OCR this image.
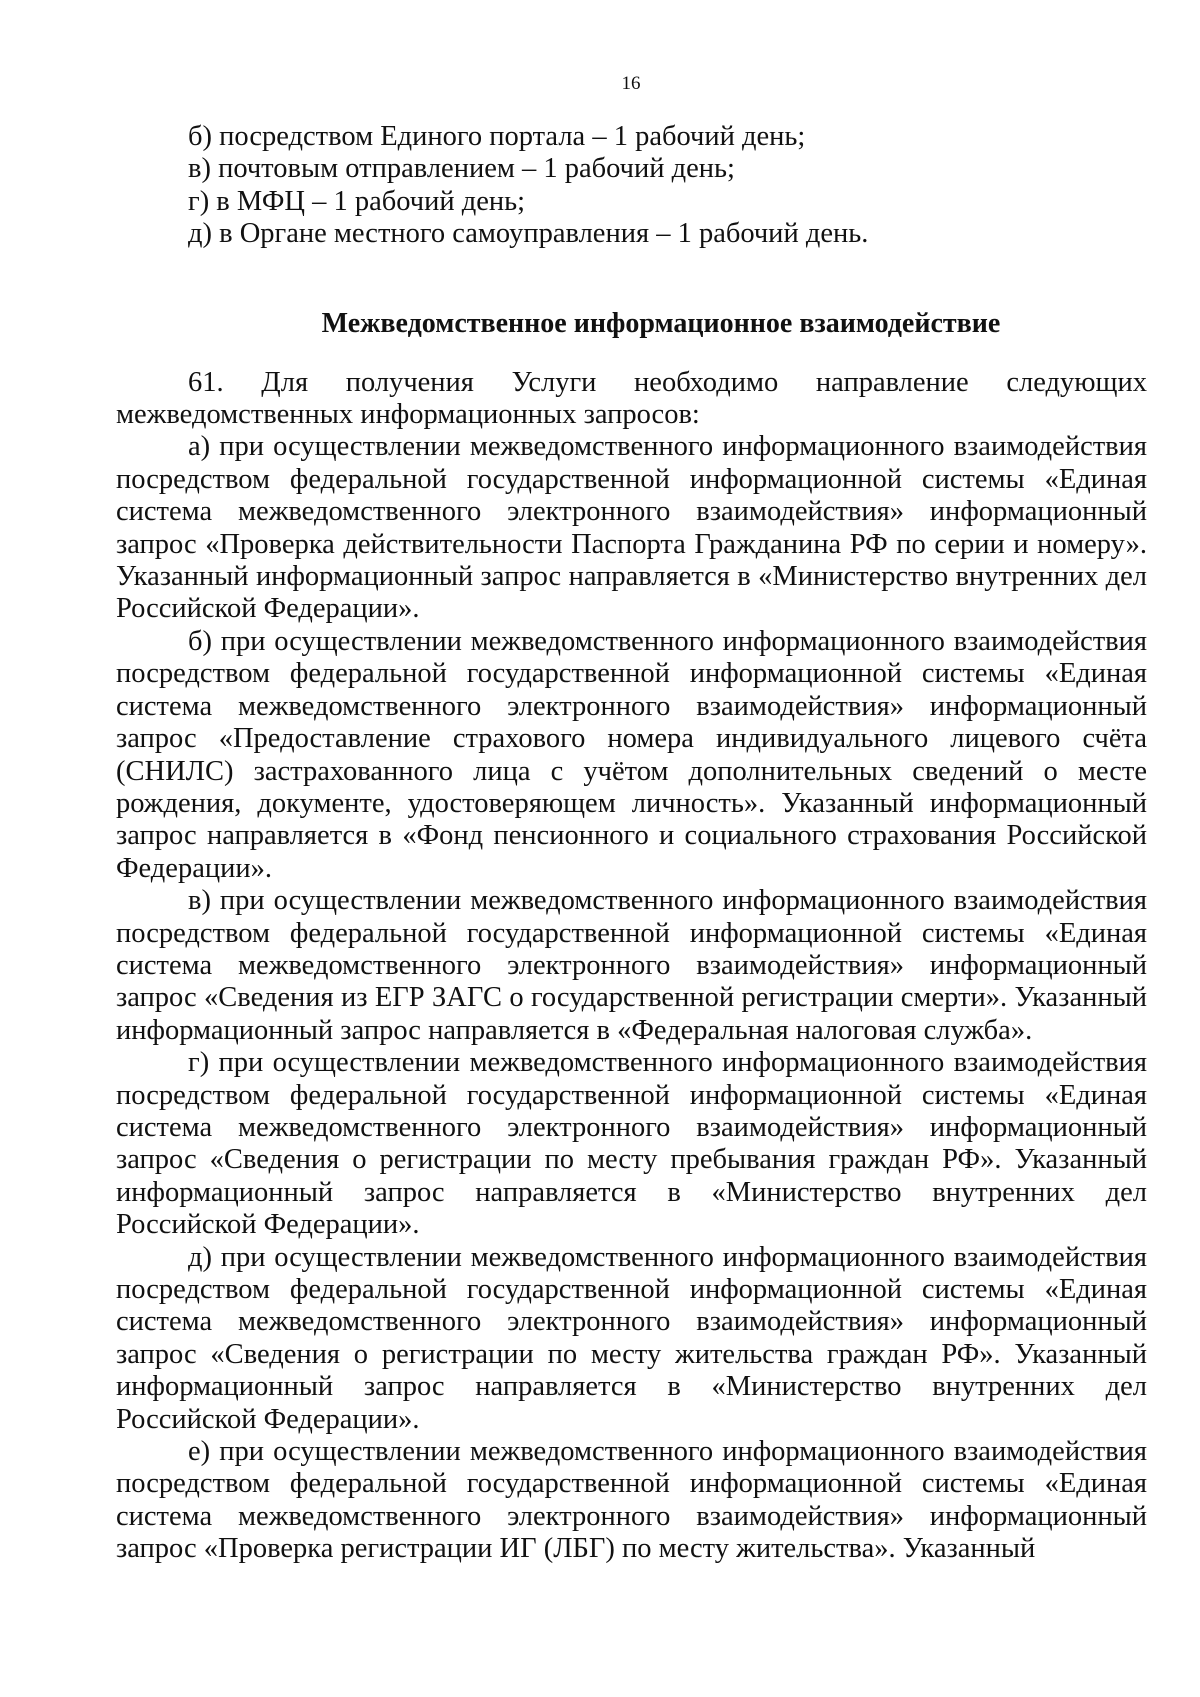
16

б) посредством Единого портала – 1 рабочий день;

в) почтовым отправлением – 1 рабочий день;

г) в МФЦ – 1 рабочий день;

д) в Органе местного самоуправления – 1 рабочий день.

Межведомственное информационное взаимодействие

61. Для получения Услуги необходимо направление следующих
межведомственных информационных запросов:

а) при осуществлении межведомственного информационного взаимодействия посредством федеральной государственной информационной системы «Единая система межведомственного электронного взаимодействия» информационный запрос «Проверка действительности Паспорта Гражданина РФ по серии и номеру». Указанный информационный запрос направляется в «Министерство внутренних дел Российской Федерации».

б) при осуществлении межведомственного информационного взаимодействия посредством федеральной государственной информационной системы «Единая система межведомственного электронного взаимодействия» информационный запрос «Предоставление страхового номера индивидуального лицевого счёта (СНИЛС) застрахованного лица с учётом дополнительных сведений о месте рождения, документе, удостоверяющем личность». Указанный информационный запрос направляется в «Фонд пенсионного и социального страхования Российской Федерации».

в) при осуществлении межведомственного информационного взаимодействия посредством федеральной государственной информационной системы «Единая система межведомственного электронного взаимодействия» информационный запрос «Сведения из ЕГР ЗАГС о государственной регистрации смерти». Указанный информационный запрос направляется в «Федеральная налоговая служба».

г) при осуществлении межведомственного информационного взаимодействия посредством федеральной государственной информационной системы «Единая система межведомственного электронного взаимодействия» информационный запрос «Сведения о регистрации по месту пребывания граждан РФ». Указанный информационный запрос направляется в «Министерство внутренних дел Российской Федерации».

д) при осуществлении межведомственного информационного взаимодействия посредством федеральной государственной информационной системы «Единая система межведомственного электронного взаимодействия» информационный запрос «Сведения о регистрации по месту жительства граждан РФ». Указанный информационный запрос направляется в «Министерство внутренних дел Российской Федерации».

е) при осуществлении межведомственного информационного взаимодействия посредством федеральной государственной информационной системы «Единая система межведомственного электронного взаимодействия» информационный запрос «Проверка регистрации ИГ (ЛБГ) по месту жительства». Указанный
